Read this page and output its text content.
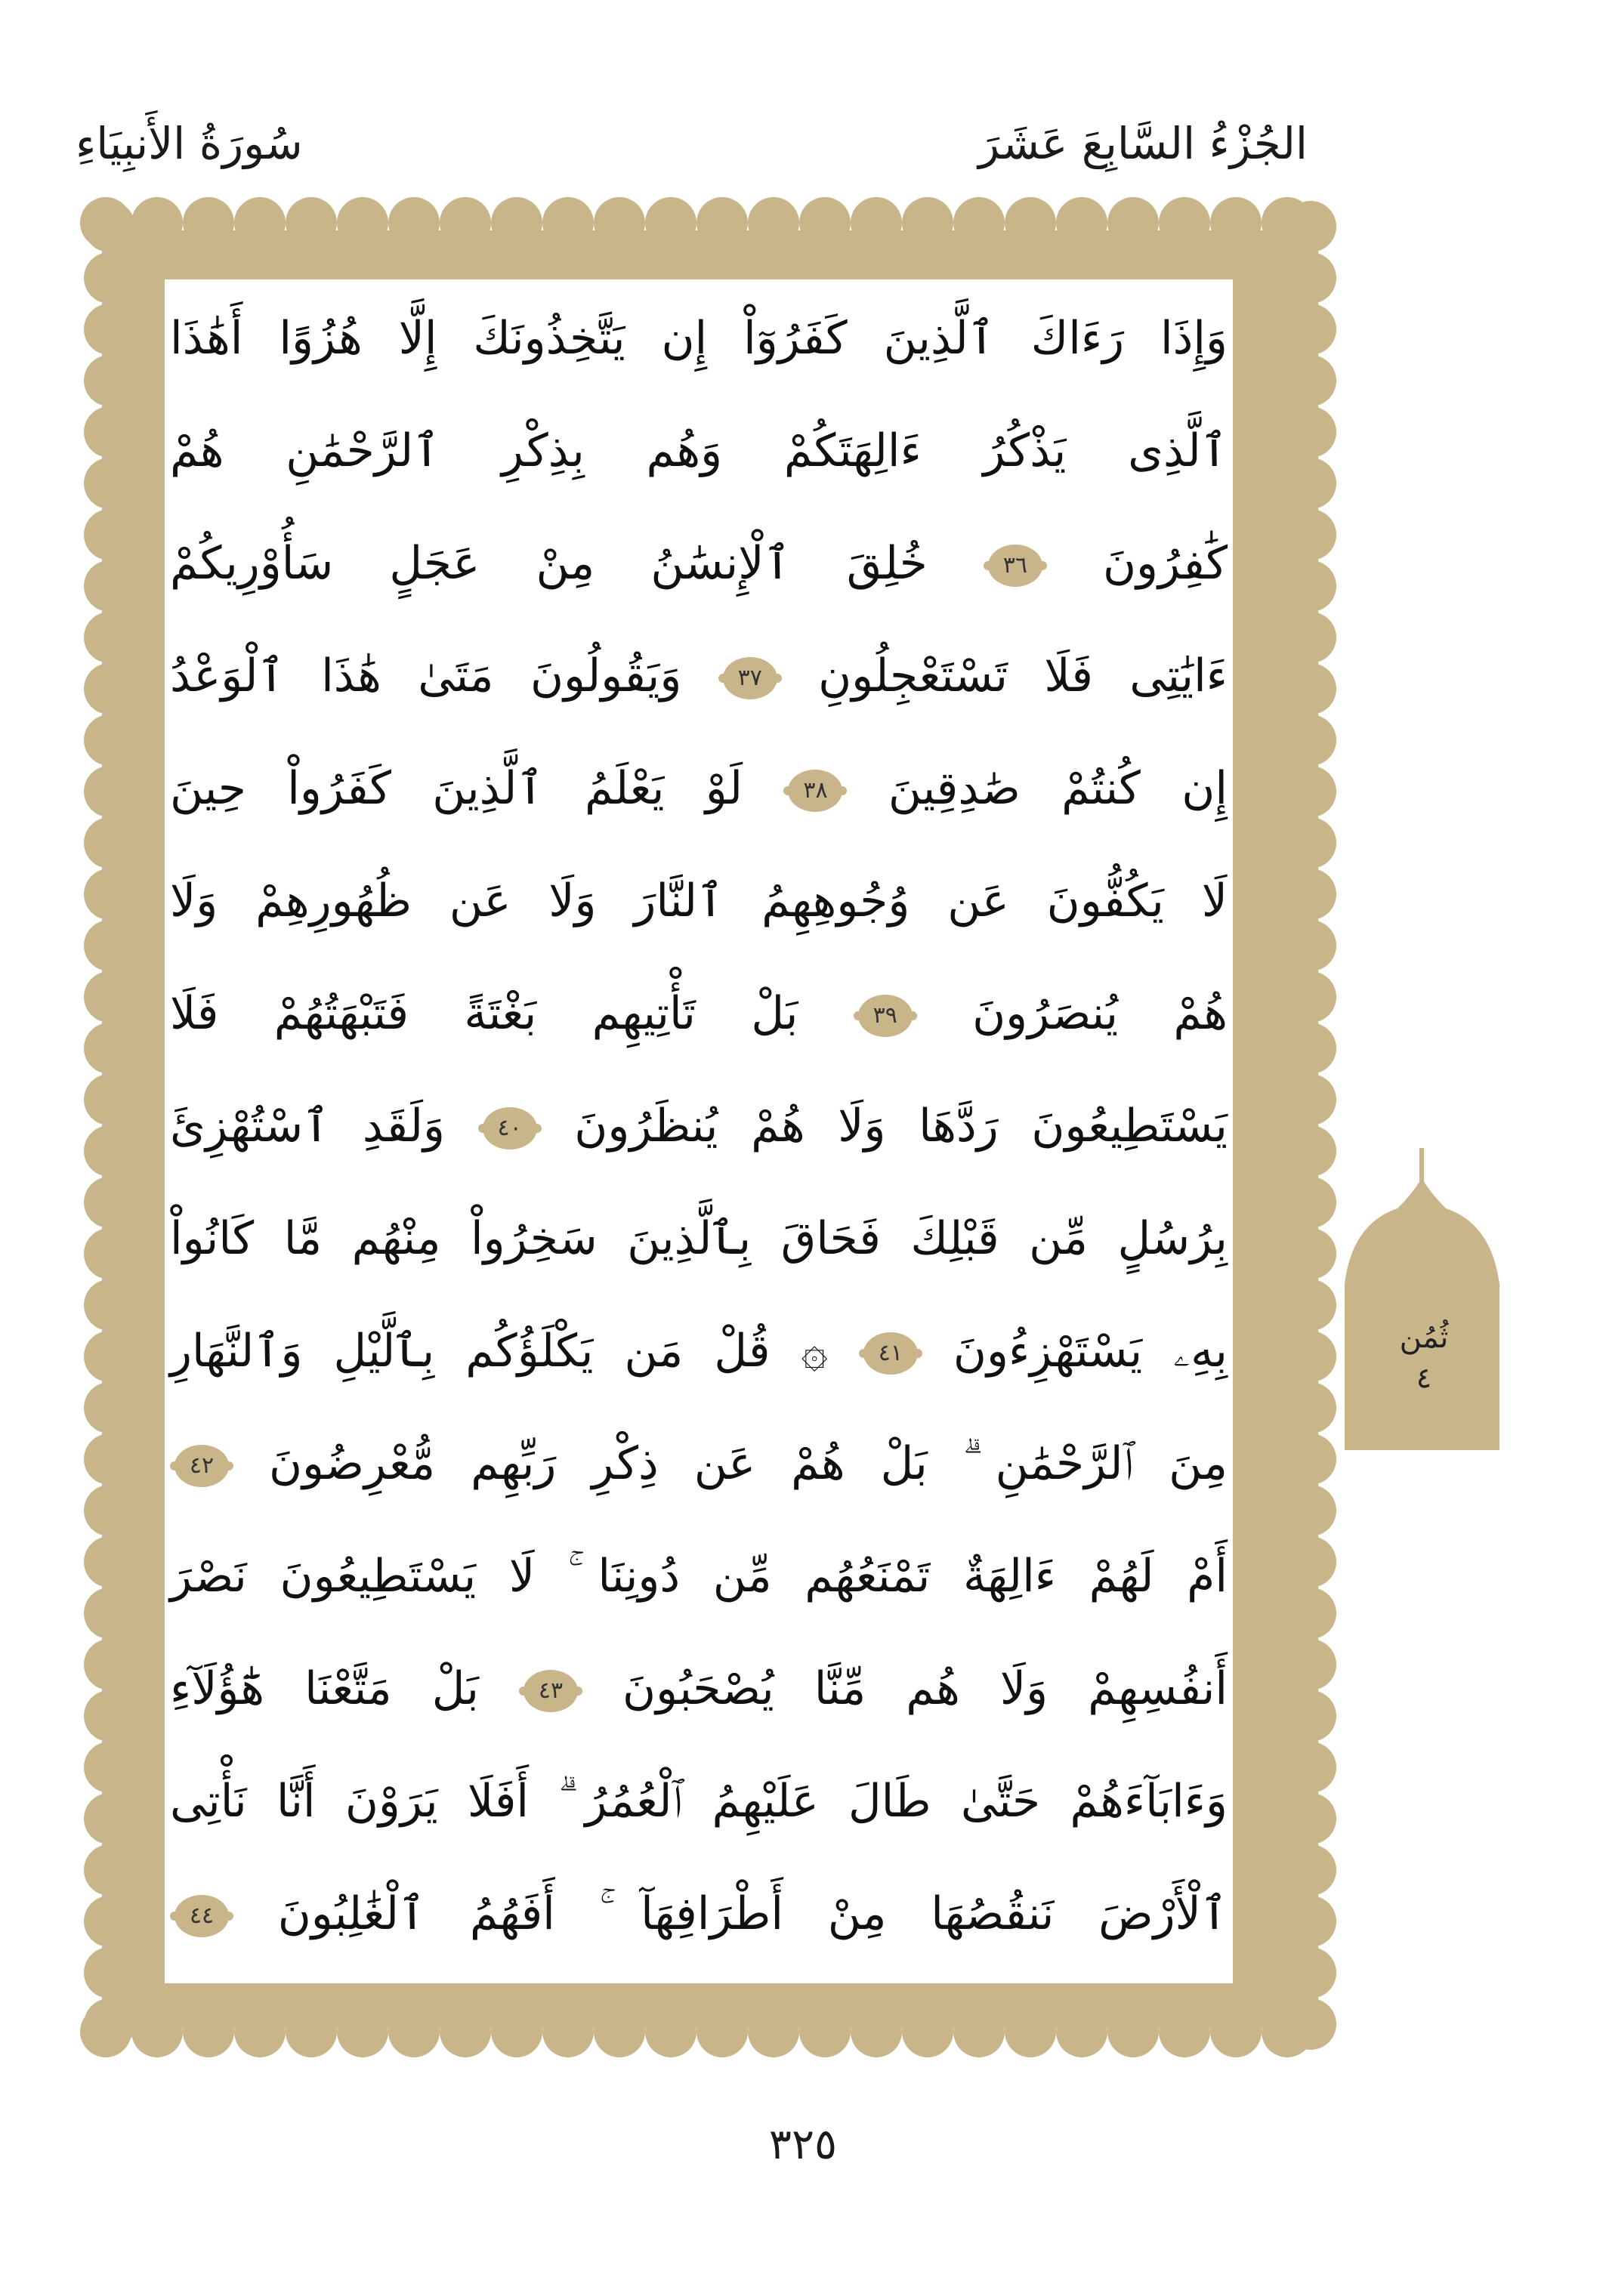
الجُزْءُ السَّابِعَ عَشَرَ
سُورَةُ الأَنبِيَاءِ
ثُمُن
٤
وَإِذَا رَءَاكَ ٱلَّذِينَ كَفَرُوٓاْ إِن يَتَّخِذُونَكَ إِلَّا هُزُوًا أَهَٰذَا
ٱلَّذِى يَذْكُرُ ءَالِهَتَكُمْ وَهُم بِذِكْرِ ٱلرَّحْمَٰنِ هُمْ
كَٰفِرُونَ ٣٦ خُلِقَ ٱلْإِنسَٰنُ مِنْ عَجَلٍ سَأُوْرِيكُمْ
ءَايَٰتِى فَلَا تَسْتَعْجِلُونِ ٣٧ وَيَقُولُونَ مَتَىٰ هَٰذَا ٱلْوَعْدُ
إِن كُنتُمْ صَٰدِقِينَ ٣٨ لَوْ يَعْلَمُ ٱلَّذِينَ كَفَرُواْ حِينَ
لَا يَكُفُّونَ عَن وُجُوهِهِمُ ٱلنَّارَ وَلَا عَن ظُهُورِهِمْ وَلَا
هُمْ يُنصَرُونَ ٣٩ بَلْ تَأْتِيهِم بَغْتَةً فَتَبْهَتُهُمْ فَلَا
يَسْتَطِيعُونَ رَدَّهَا وَلَا هُمْ يُنظَرُونَ ٤٠ وَلَقَدِ ٱسْتُهْزِئَ
بِرُسُلٍ مِّن قَبْلِكَ فَحَاقَ بِٱلَّذِينَ سَخِرُواْ مِنْهُم مَّا كَانُواْ
بِهِۦ يَسْتَهْزِءُونَ ٤١ ۞ قُلْ مَن يَكْلَؤُكُم بِٱلَّيْلِ وَٱلنَّهَارِ
مِنَ ٱلرَّحْمَٰنِ ۗ بَلْ هُمْ عَن ذِكْرِ رَبِّهِم مُّعْرِضُونَ ٤٢
أَمْ لَهُمْ ءَالِهَةٌ تَمْنَعُهُم مِّن دُونِنَا ۚ لَا يَسْتَطِيعُونَ نَصْرَ
أَنفُسِهِمْ وَلَا هُم مِّنَّا يُصْحَبُونَ ٤٣ بَلْ مَتَّعْنَا هَٰٓؤُلَآءِ
وَءَابَآءَهُمْ حَتَّىٰ طَالَ عَلَيْهِمُ ٱلْعُمُرُ ۗ أَفَلَا يَرَوْنَ أَنَّا نَأْتِى
ٱلْأَرْضَ نَنقُصُهَا مِنْ أَطْرَافِهَآ ۚ أَفَهُمُ ٱلْغَٰلِبُونَ ٤٤
٣٢٥
